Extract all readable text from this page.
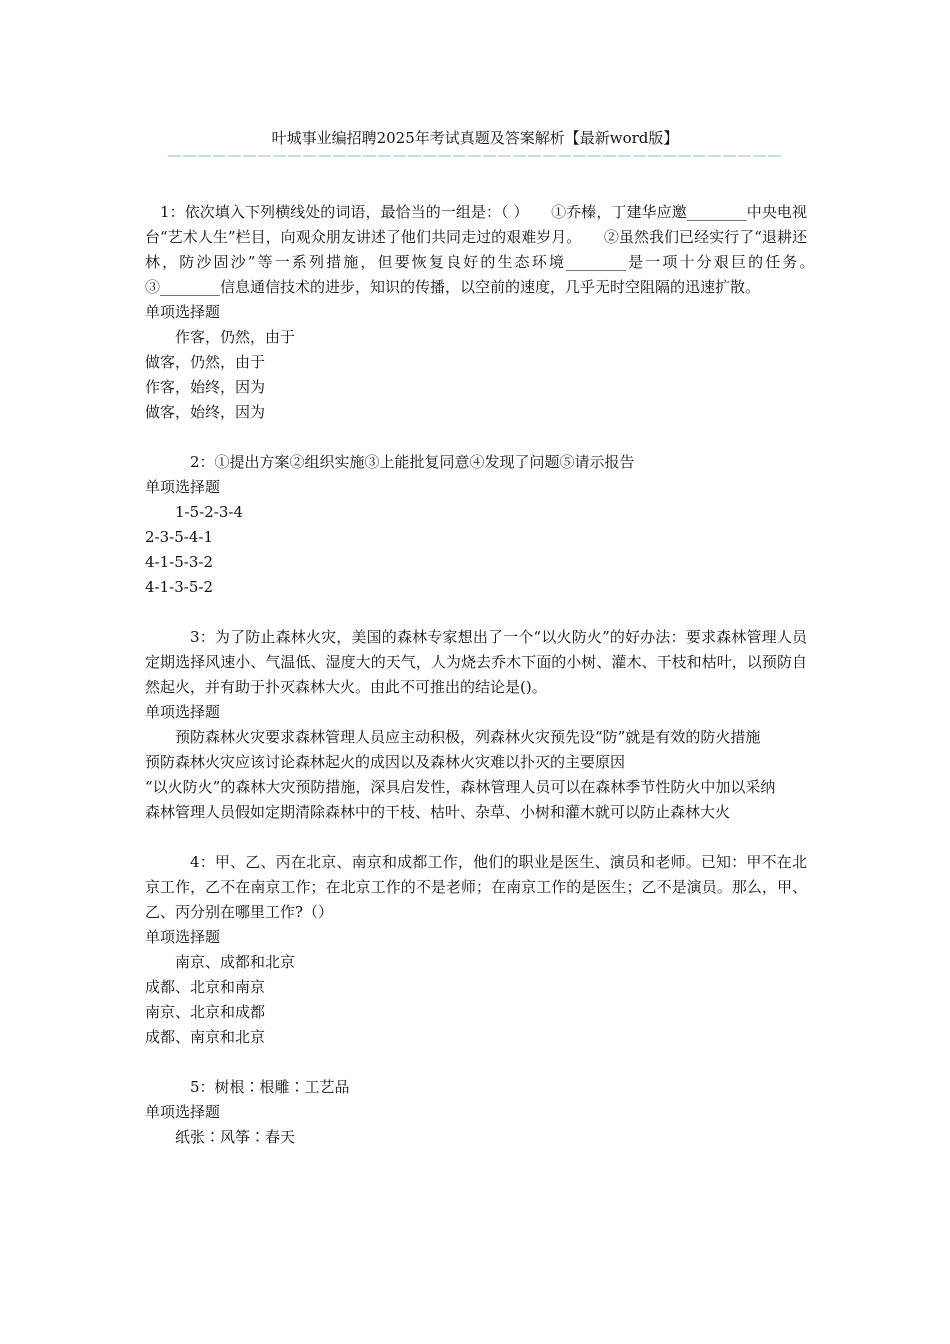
叶城事业编招聘2025年考试真题及答案解析【最新word版】
—————————————————————————————————————————
1：依次填入下列横线处的词语，最恰当的一组是：（ ）　　①乔榛，丁建华应邀________中央电视台“艺术人生”栏目，向观众朋友讲述了他们共同走过的艰难岁月。　　②虽然我们已经实行了“退耕还林，防沙固沙”等一系列措施，但要恢复良好的生态环境________是一项十分艰巨的任务。　　③________信息通信技术的进步，知识的传播，以空前的速度，几乎无时空阻隔的迅速扩散。
单项选择题
作客，仍然，由于
做客，仍然，由于
作客，始终，因为
做客，始终，因为
2：①提出方案②组织实施③上能批复同意④发现了问题⑤请示报告
单项选择题
1-5-2-3-4
2-3-5-4-1
4-1-5-3-2
4-1-3-5-2
3：为了防止森林火灾，美国的森林专家想出了一个“以火防火”的好办法：要求森林管理人员定期选择风速小、气温低、湿度大的天气，人为烧去乔木下面的小树、灌木、干枝和枯叶，以预防自然起火，并有助于扑灭森林大火。由此不可推出的结论是()。
单项选择题
预防森林火灾要求森林管理人员应主动积极，列森林火灾预先设“防”就是有效的防火措施
预防森林火灾应该讨论森林起火的成因以及森林火灾难以扑灭的主要原因
“以火防火”的森林大灾预防措施，深具启发性，森林管理人员可以在森林季节性防火中加以采纳
森林管理人员假如定期清除森林中的干枝、枯叶、杂草、小树和灌木就可以防止森林大火
4：甲、乙、丙在北京、南京和成都工作，他们的职业是医生、演员和老师。已知：甲不在北京工作，乙不在南京工作；在北京工作的不是老师；在南京工作的是医生；乙不是演员。那么，甲、乙、丙分别在哪里工作?（）
单项选择题
南京、成都和北京
成都、北京和南京
南京、北京和成都
成都、南京和北京
5：树根∶根雕∶工艺品
单项选择题
纸张∶风筝∶春天
